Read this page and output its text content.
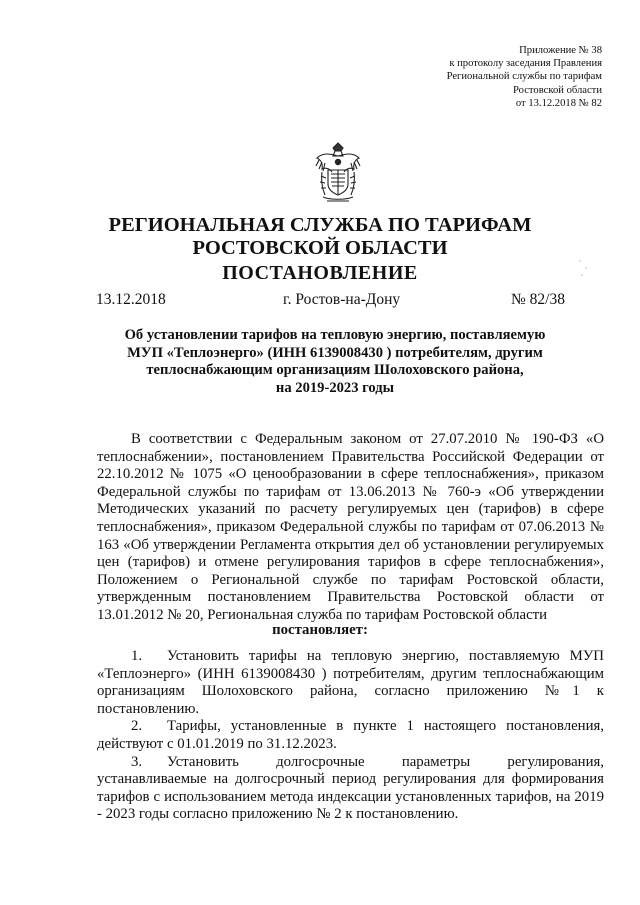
Приложение № 38
к протоколу заседания Правления
Региональной службы по тарифам
Ростовской области
от 13.12.2018 № 82
РЕГИОНАЛЬНАЯ СЛУЖБА ПО ТАРИФАМ
РОСТОВСКОЙ ОБЛАСТИ
ПОСТАНОВЛЕНИЕ
13.12.2018	г. Ростов-на-Дону	№ 82/38
Об установлении тарифов на тепловую энергию, поставляемую
МУП «Теплоэнерго» (ИНН 6139008430 ) потребителям, другим
теплоснабжающим организациям Шолоховского района,
на 2019-2023 годы

В соответствии с Федеральным законом от 27.07.2010 № 190-ФЗ «О теплоснабжении», постановлением Правительства Российской Федерации от 22.10.2012 № 1075 «О ценообразовании в сфере теплоснабжения», приказом Федеральной службы по тарифам от 13.06.2013 № 760-э «Об утверждении Методических указаний по расчету регулируемых цен (тарифов) в сфере теплоснабжения», приказом Федеральной службы по тарифам от 07.06.2013 № 163 «Об утверждении Регламента открытия дел об установлении регулируемых цен (тарифов) и отмене регулирования тарифов в сфере теплоснабжения», Положением о Региональной службе по тарифам Ростовской области, утвержденным постановлением Правительства Ростовской области от 13.01.2012 № 20, Региональная служба по тарифам Ростовской области

постановляет:

1. Установить тарифы на тепловую энергию, поставляемую МУП «Теплоэнерго» (ИНН 6139008430 ) потребителям, другим теплоснабжающим организациям Шолоховского района, согласно приложению №1 к постановлению.

2. Тарифы, установленные в пункте 1 настоящего постановления, действуют с 01.01.2019 по 31.12.2023.

3. Установить долгосрочные параметры регулирования, устанавливаемые на долгосрочный период регулирования для формирования тарифов с использованием метода индексации установленных тарифов, на 2019 - 2023 годы согласно приложению № 2 к постановлению.
